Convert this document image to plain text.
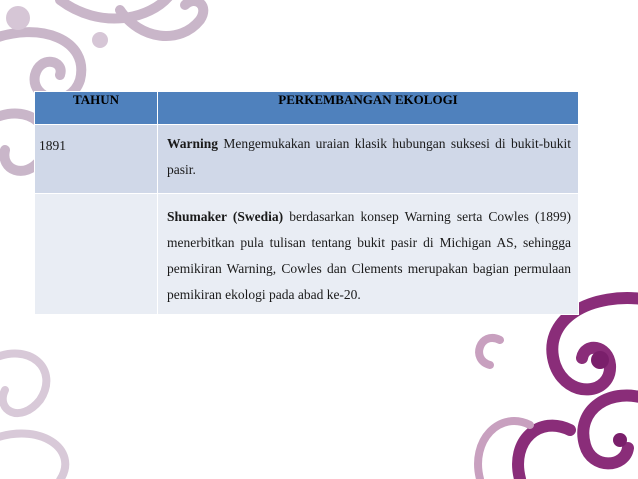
TAHUN	PERKEMBANGAN EKOLOGI
1891	Warning Mengemukakan uraian klasik hubungan suksesi di bukit-bukit pasir.
	Shumaker (Swedia) berdasarkan konsep Warning serta Cowles (1899) menerbitkan pula tulisan tentang bukit pasir di Michigan AS, sehingga pemikiran Warning, Cowles dan Clements merupakan bagian permulaan pemikiran ekologi pada abad ke-20.
